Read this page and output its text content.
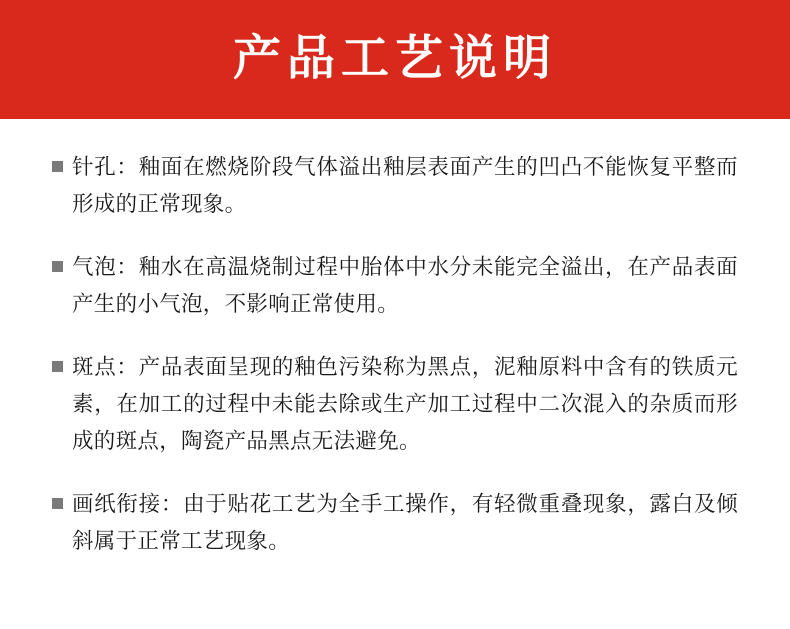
产品工艺说明
针孔：釉面在燃烧阶段气体溢出釉层表面产生的凹凸不能恢复平整而形成的正常现象。
气泡：釉水在高温烧制过程中胎体中水分未能完全溢出，在产品表面产生的小气泡，不影响正常使用。
斑点：产品表面呈现的釉色污染称为黑点，泥釉原料中含有的铁质元素，在加工的过程中未能去除或生产加工过程中二次混入的杂质而形成的斑点，陶瓷产品黑点无法避免。
画纸衔接：由于贴花工艺为全手工操作，有轻微重叠现象，露白及倾斜属于正常工艺现象。
